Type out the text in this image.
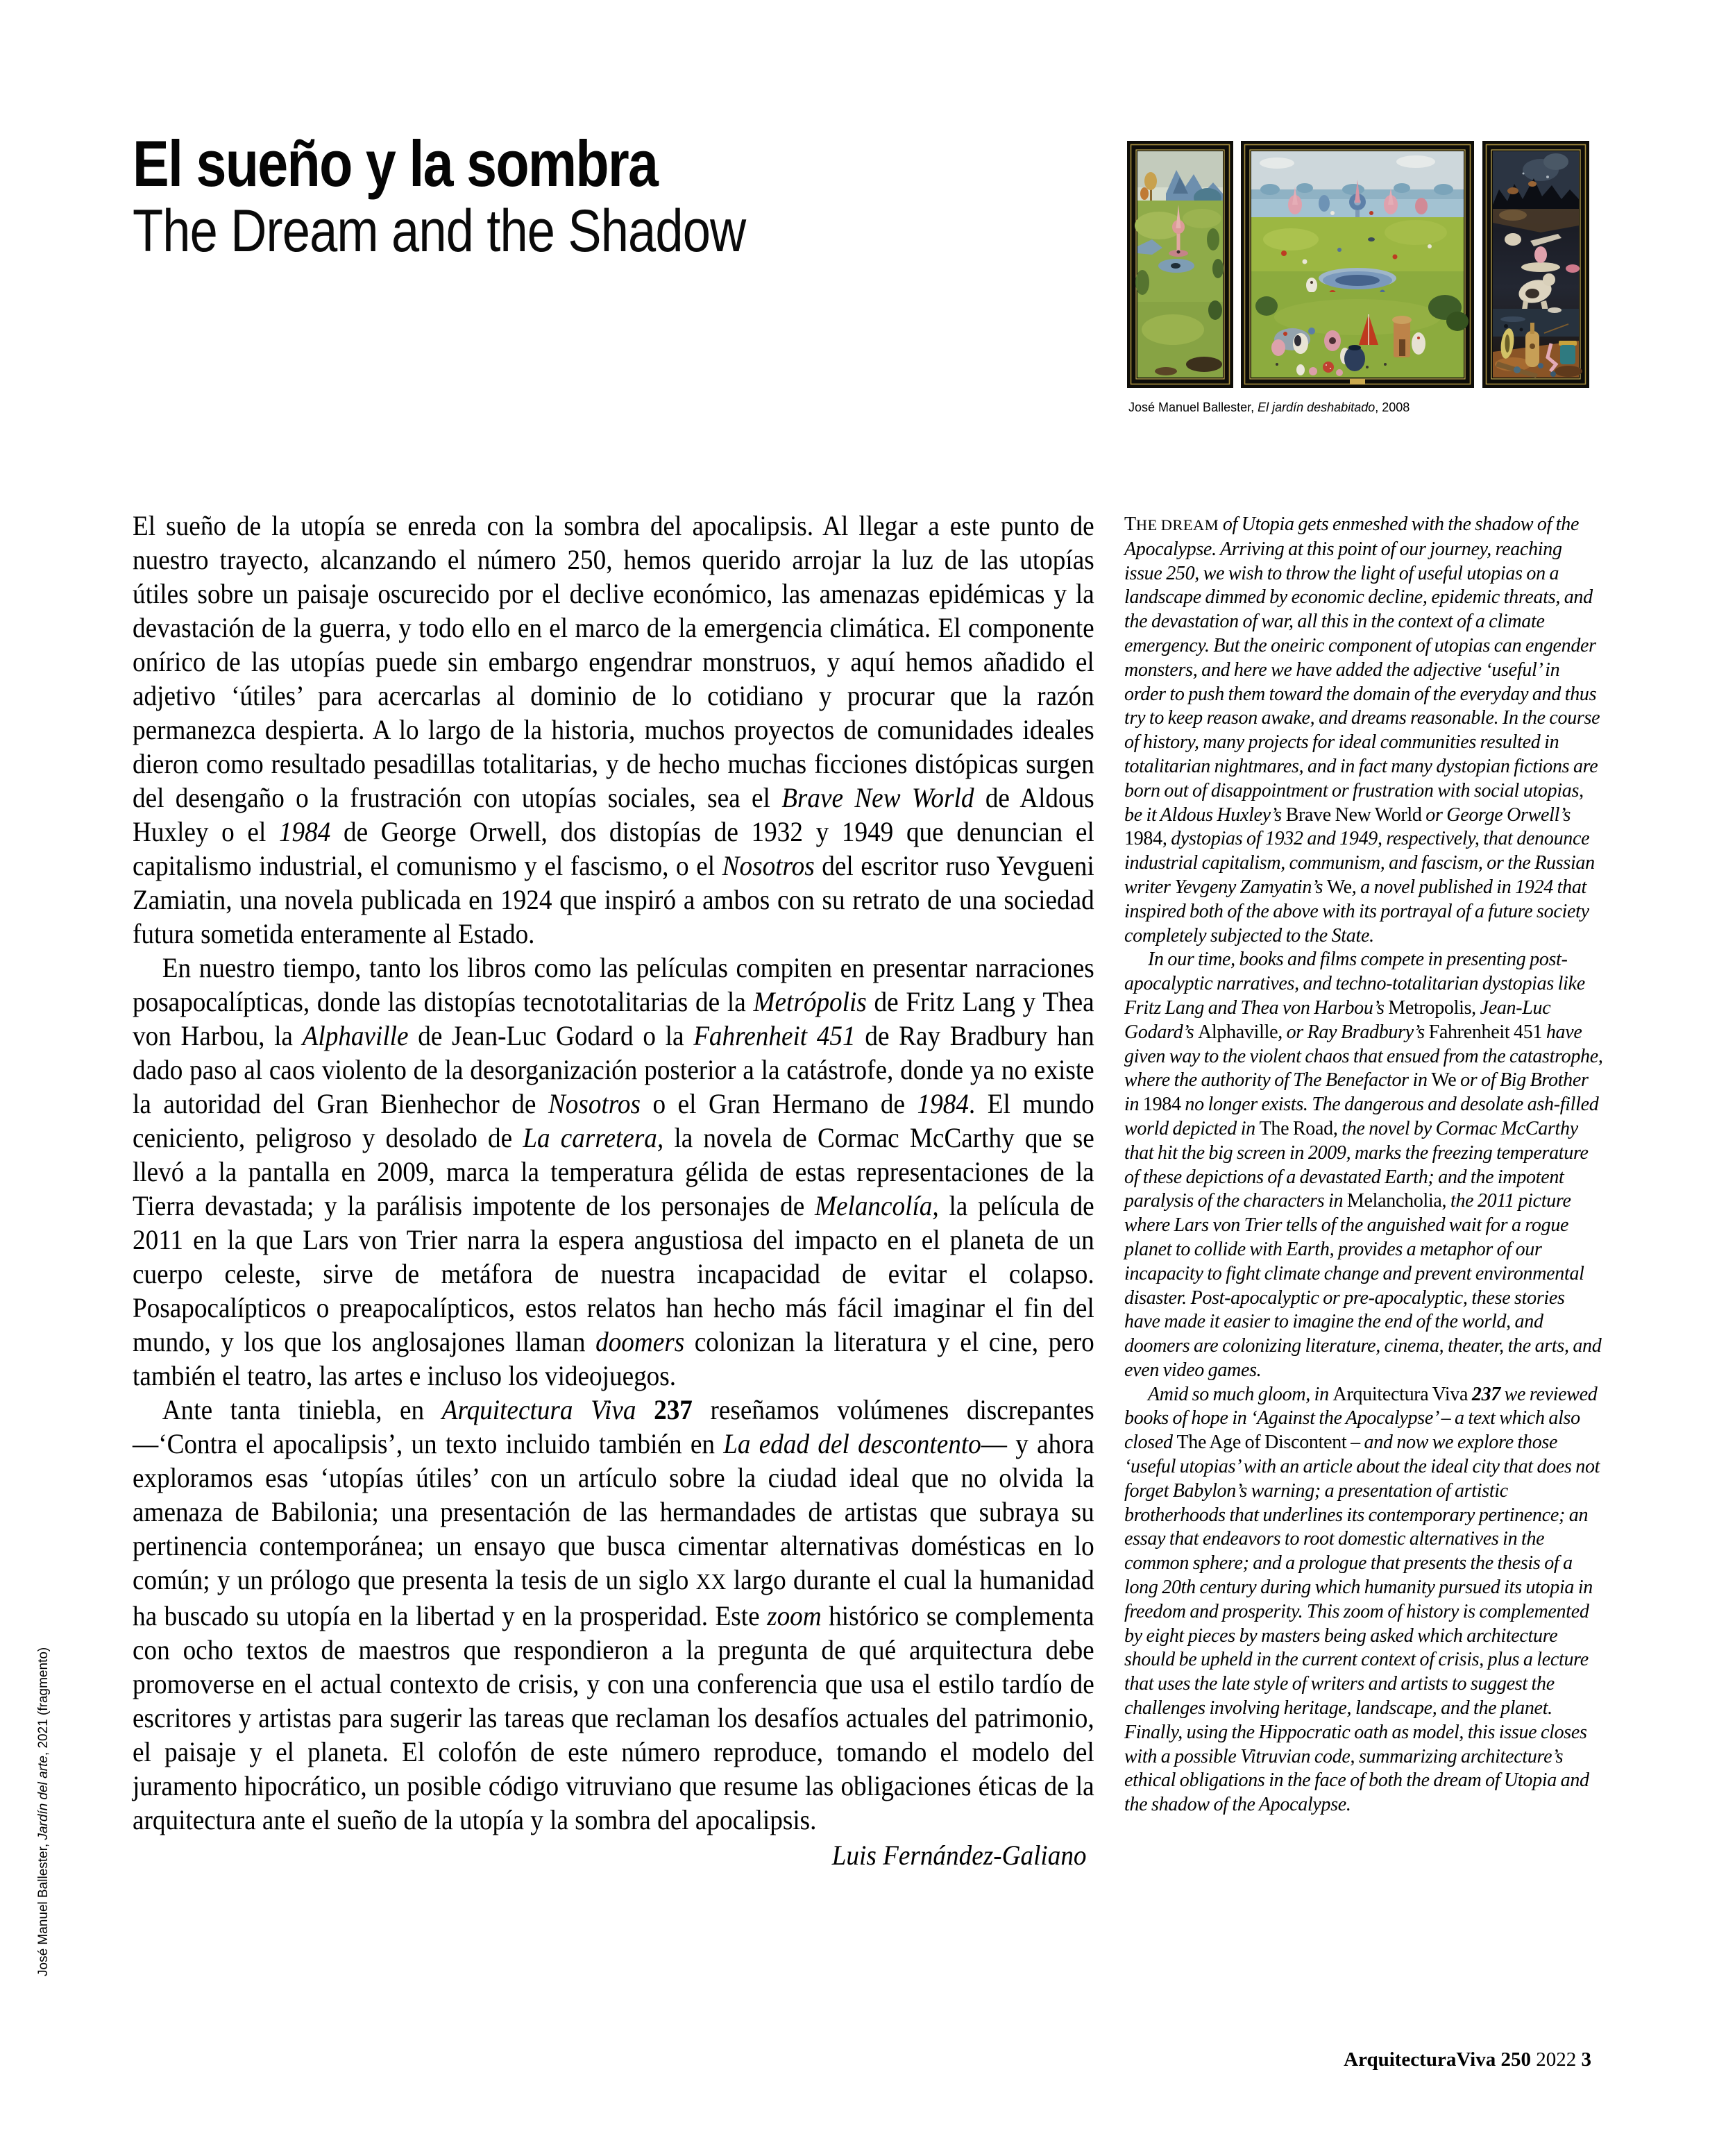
El sueño y la sombra
The Dream and the Shadow

José Manuel Ballester, El jardín deshabitado, 2008

El sueño de la utopía se enreda con la sombra del apocalipsis. Al llegar a este punto de nuestro trayecto, alcanzando el número 250, hemos querido arrojar la luz de las utopías útiles sobre un paisaje oscurecido por el declive económico, las amenazas epidémicas y la devastación de la guerra, y todo ello en el marco de la emergencia climática. El componente onírico de las utopías puede sin embargo engendrar monstruos, y aquí hemos añadido el adjetivo ‘útiles’ para acercarlas al dominio de lo cotidiano y procurar que la razón permanezca despierta. A lo largo de la historia, muchos proyectos de comunidades ideales dieron como resultado pesadillas totalitarias, y de hecho muchas ficciones distópicas surgen del desengaño o la frustración con utopías sociales, sea el Brave New World de Aldous Huxley o el 1984 de George Orwell, dos distopías de 1932 y 1949 que denuncian el capitalismo industrial, el comunismo y el fascismo, o el Nosotros del escritor ruso Yevgueni Zamiatin, una novela publicada en 1924 que inspiró a ambos con su retrato de una sociedad futura sometida enteramente al Estado.

En nuestro tiempo, tanto los libros como las películas compiten en presentar narraciones posapocalípticas, donde las distopías tecnototalitarias de la Metrópolis de Fritz Lang y Thea von Harbou, la Alphaville de Jean-Luc Godard o la Fahrenheit 451 de Ray Bradbury han dado paso al caos violento de la desorganización posterior a la catástrofe, donde ya no existe la autoridad del Gran Bienhechor de Nosotros o el Gran Hermano de 1984. El mundo ceniciento, peligroso y desolado de La carretera, la novela de Cormac McCarthy que se llevó a la pantalla en 2009, marca la temperatura gélida de estas representaciones de la Tierra devastada; y la parálisis impotente de los personajes de Melancolía, la película de 2011 en la que Lars von Trier narra la espera angustiosa del impacto en el planeta de un cuerpo celeste, sirve de metáfora de nuestra incapacidad de evitar el colapso. Posapocalípticos o preapocalípticos, estos relatos han hecho más fácil imaginar el fin del mundo, y los que los anglosajones llaman doomers colonizan la literatura y el cine, pero también el teatro, las artes e incluso los videojuegos.

Ante tanta tiniebla, en Arquitectura Viva 237 reseñamos volúmenes discrepantes —‘Contra el apocalipsis’, un texto incluido también en La edad del descontento— y ahora exploramos esas ‘utopías útiles’ con un artículo sobre la ciudad ideal que no olvida la amenaza de Babilonia; una presentación de las hermandades de artistas que subraya su pertinencia contemporánea; un ensayo que busca cimentar alternativas domésticas en lo común; y un prólogo que presenta la tesis de un siglo XX largo durante el cual la humanidad ha buscado su utopía en la libertad y en la prosperidad. Este zoom histórico se complementa con ocho textos de maestros que respondieron a la pregunta de qué arquitectura debe promoverse en el actual contexto de crisis, y con una conferencia que usa el estilo tardío de escritores y artistas para sugerir las tareas que reclaman los desafíos actuales del patrimonio, el paisaje y el planeta. El colofón de este número reproduce, tomando el modelo del juramento hipocrático, un posible código vitruviano que resume las obligaciones éticas de la arquitectura ante el sueño de la utopía y la sombra del apocalipsis.

Luis Fernández-Galiano

THE DREAM of Utopia gets enmeshed with the shadow of the Apocalypse. Arriving at this point of our journey, reaching issue 250, we wish to throw the light of useful utopias on a landscape dimmed by economic decline, epidemic threats, and the devastation of war, all this in the context of a climate emergency. But the oneiric component of utopias can engender monsters, and here we have added the adjective ‘useful’ in order to push them toward the domain of the everyday and thus try to keep reason awake, and dreams reasonable. In the course of history, many projects for ideal communities resulted in totalitarian nightmares, and in fact many dystopian fictions are born out of disappointment or frustration with social utopias, be it Aldous Huxley’s Brave New World or George Orwell’s 1984, dystopias of 1932 and 1949, respectively, that denounce industrial capitalism, communism, and fascism, or the Russian writer Yevgeny Zamyatin’s We, a novel published in 1924 that inspired both of the above with its portrayal of a future society completely subjected to the State.

In our time, books and films compete in presenting post-apocalyptic narratives, and techno-totalitarian dystopias like Fritz Lang and Thea von Harbou’s Metropolis, Jean-Luc Godard’s Alphaville, or Ray Bradbury’s Fahrenheit 451 have given way to the violent chaos that ensued from the catastrophe, where the authority of The Benefactor in We or of Big Brother in 1984 no longer exists. The dangerous and desolate ash-filled world depicted in The Road, the novel by Cormac McCarthy that hit the big screen in 2009, marks the freezing temperature of these depictions of a devastated Earth; and the impotent paralysis of the characters in Melancholia, the 2011 picture where Lars von Trier tells of the anguished wait for a rogue planet to collide with Earth, provides a metaphor of our incapacity to fight climate change and prevent environmental disaster. Post-apocalyptic or pre-apocalyptic, these stories have made it easier to imagine the end of the world, and doomers are colonizing literature, cinema, theater, the arts, and even video games.

Amid so much gloom, in Arquitectura Viva 237 we reviewed books of hope in ‘Against the Apocalypse’ – a text which also closed The Age of Discontent – and now we explore those ‘useful utopias’ with an article about the ideal city that does not forget Babylon’s warning; a presentation of artistic brotherhoods that underlines its contemporary pertinence; an essay that endeavors to root domestic alternatives in the common sphere; and a prologue that presents the thesis of a long 20th century during which humanity pursued its utopia in freedom and prosperity. This zoom of history is complemented by eight pieces by masters being asked which architecture should be upheld in the current context of crisis, plus a lecture that uses the late style of writers and artists to suggest the challenges involving heritage, landscape, and the planet. Finally, using the Hippocratic oath as model, this issue closes with a possible Vitruvian code, summarizing architecture’s ethical obligations in the face of both the dream of Utopia and the shadow of the Apocalypse.

José Manuel Ballester, Jardín del arte, 2021 (fragmento)

ArquitecturaViva 250 2022 3
